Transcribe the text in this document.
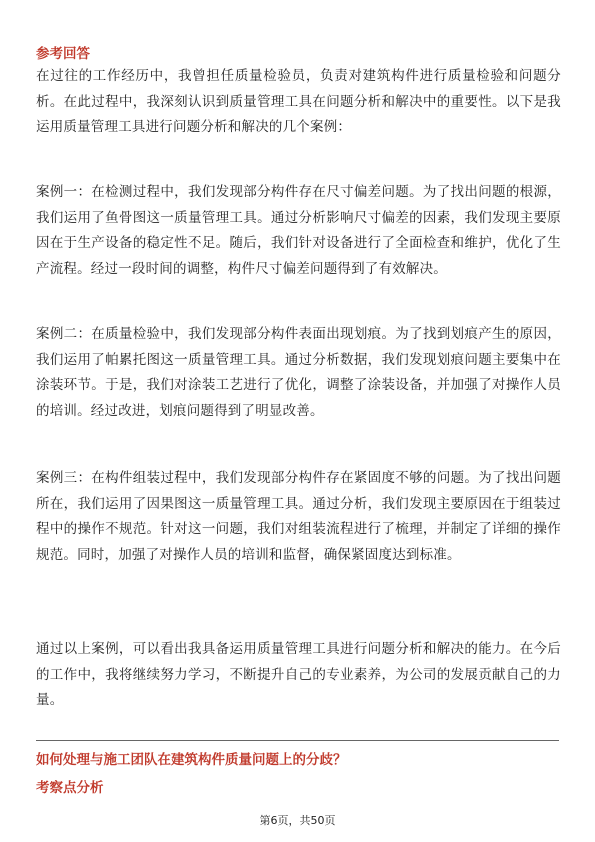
参考回答
在过往的工作经历中，我曾担任质量检验员，负责对建筑构件进行质量检验和问题分析。在此过程中，我深刻认识到质量管理工具在问题分析和解决中的重要性。以下是我运用质量管理工具进行问题分析和解决的几个案例：
案例一：在检测过程中，我们发现部分构件存在尺寸偏差问题。为了找出问题的根源，我们运用了鱼骨图这一质量管理工具。通过分析影响尺寸偏差的因素，我们发现主要原因在于生产设备的稳定性不足。随后，我们针对设备进行了全面检查和维护，优化了生产流程。经过一段时间的调整，构件尺寸偏差问题得到了有效解决。
案例二：在质量检验中，我们发现部分构件表面出现划痕。为了找到划痕产生的原因，我们运用了帕累托图这一质量管理工具。通过分析数据，我们发现划痕问题主要集中在涂装环节。于是，我们对涂装工艺进行了优化，调整了涂装设备，并加强了对操作人员的培训。经过改进，划痕问题得到了明显改善。
案例三：在构件组装过程中，我们发现部分构件存在紧固度不够的问题。为了找出问题所在，我们运用了因果图这一质量管理工具。通过分析，我们发现主要原因在于组装过程中的操作不规范。针对这一问题，我们对组装流程进行了梳理，并制定了详细的操作规范。同时，加强了对操作人员的培训和监督，确保紧固度达到标准。
通过以上案例，可以看出我具备运用质量管理工具进行问题分析和解决的能力。在今后的工作中，我将继续努力学习，不断提升自己的专业素养，为公司的发展贡献自己的力量。
如何处理与施工团队在建筑构件质量问题上的分歧？
考察点分析
第6页，共50页
